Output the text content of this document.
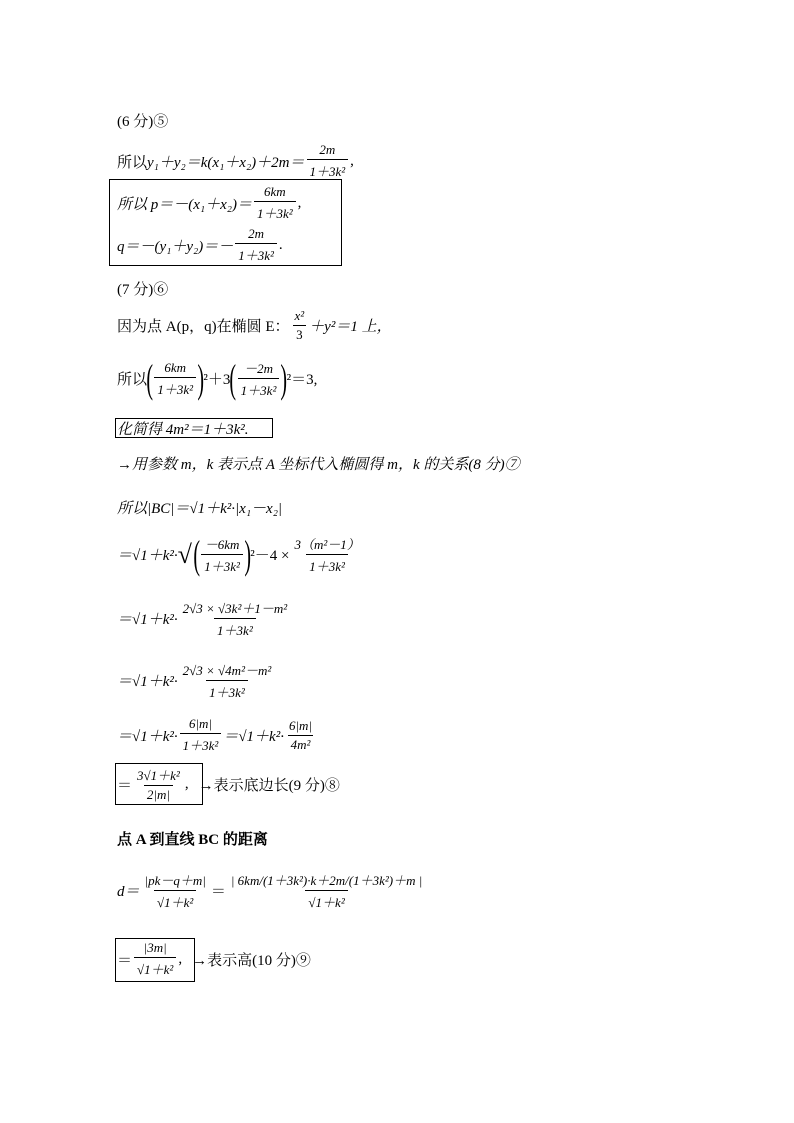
(6 分)⑤
所以 $y_1+y_2=k(x_1+x_2)+2m= \frac{2m}{\text{1＋3k²}}$ ,
所以 $p=-(x_1+x_2)= \frac{6km}{\text{1＋3k²}}$ ,
$q=-(y_1+y_2)=- \frac{2m}{\text{1＋3k²}}$ .
(7 分)⑥
因为点 A(p，q)在椭圆 E： $\frac{\text{x²}}{3} +y^2=1$ 上，
所以 ( $\frac{6km}{\text{1＋3k²}}$ ) ²＋3 ( $\frac{-2m}{\text{1＋3k²}}$ ) ²＝3,
化简得 4m²＝1＋3k².
→用参数 m，k 表示点 A 坐标代入椭圆得 m，k 的关系(8 分)⑦
所以|BC|＝√1＋k²·|x₁－x₂|
＝√1＋k²· √ ( $\frac{-6km}{\text{1＋3k²}}$ ) $^2-4 \times \frac{\text{3（m²－1）}}{\text{1＋3k²}}$
$=√1+k^2\cdot \frac{\text{2√3 × √3k²＋1－m²}}{\text{1＋3k²}}$
$=√1+k^2\cdot \frac{\text{2√3 × √4m²－m²}}{\text{1＋3k²}}$
$=√1+k^2\cdot \frac{6|m|}{\text{1＋3k²}} =√1+k^2\cdot \frac{6|m|}{\text{4m²}}$
＝ $\frac{\text{3√1＋k²}}{2|m|}$ , →表示底边长(9 分)⑧
点 A 到直线 BC 的距离
$d= \frac{|pk-q+m|}{\text{√1＋k²}} = \frac{\text{| 6km/(1＋3k²)·k＋2m/(1＋3k²)＋m |}}{\text{√1＋k²}}$
＝ $\frac{|3m|}{\text{√1＋k²}}$ , →表示高(10 分)⑨
